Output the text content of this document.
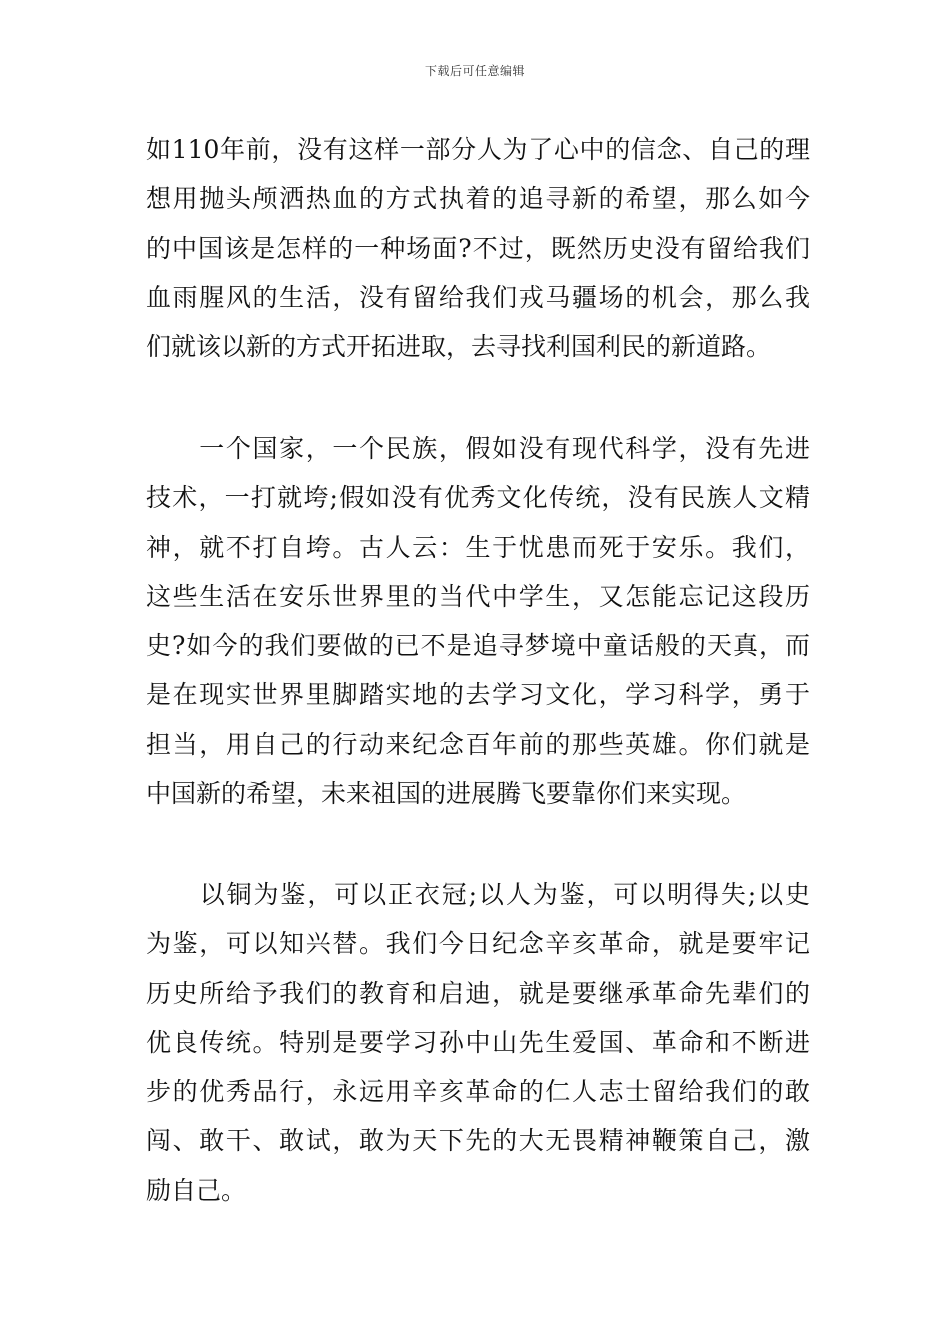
下载后可任意编辑
如110年前，没有这样一部分人为了心中的信念、自己的理
想用抛头颅洒热血的方式执着的追寻新的希望，那么如今
的中国该是怎样的一种场面?不过，既然历史没有留给我们
血雨腥风的生活，没有留给我们戎马疆场的机会，那么我
们就该以新的方式开拓进取，去寻找利国利民的新道路。
　　一个国家，一个民族，假如没有现代科学，没有先进
技术，一打就垮;假如没有优秀文化传统，没有民族人文精
神，就不打自垮。古人云：生于忧患而死于安乐。我们，
这些生活在安乐世界里的当代中学生，又怎能忘记这段历
史?如今的我们要做的已不是追寻梦境中童话般的天真，而
是在现实世界里脚踏实地的去学习文化，学习科学，勇于
担当，用自己的行动来纪念百年前的那些英雄。你们就是
中国新的希望，未来祖国的进展腾飞要靠你们来实现。
　　以铜为鉴，可以正衣冠;以人为鉴，可以明得失;以史
为鉴，可以知兴替。我们今日纪念辛亥革命，就是要牢记
历史所给予我们的教育和启迪，就是要继承革命先辈们的
优良传统。特别是要学习孙中山先生爱国、革命和不断进
步的优秀品行，永远用辛亥革命的仁人志士留给我们的敢
闯、敢干、敢试，敢为天下先的大无畏精神鞭策自己，激
励自己。
